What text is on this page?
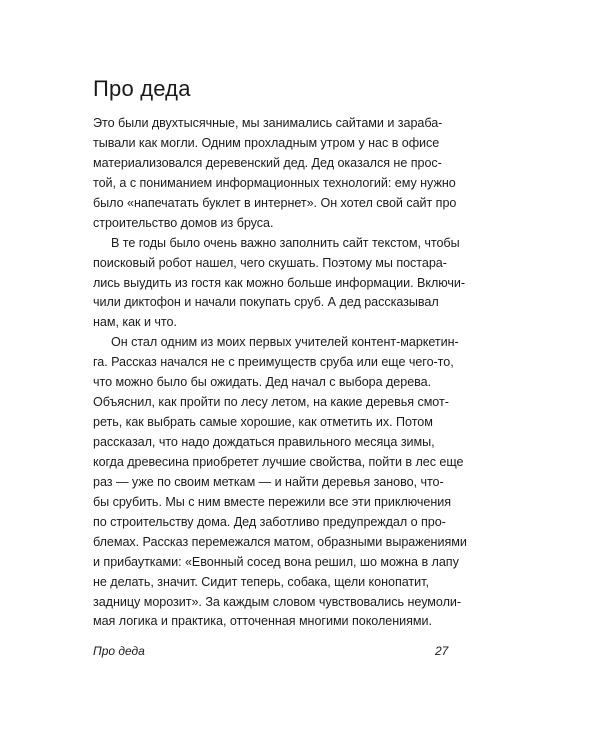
Про деда
Это были двухтысячные, мы занимались сайтами и зараба-
тывали как могли. Одним прохладным утром у нас в офисе
материализовался деревенский дед. Дед оказался не прос-
той, а с пониманием информационных технологий: ему нужно
было «напечатать буклет в интернет». Он хотел свой сайт про
строительство домов из бруса.
В те годы было очень важно заполнить сайт текстом, чтобы
поисковый робот нашел, чего скушать. Поэтому мы постара-
лись выудить из гостя как можно больше информации. Включи-
чили диктофон и начали покупать сруб. А дед рассказывал
нам, как и что.
Он стал одним из моих первых учителей контент-маркетин-
га. Рассказ начался не с преимуществ сруба или еще чего-то,
что можно было бы ожидать. Дед начал с выбора дерева.
Объяснил, как пройти по лесу летом, на какие деревья смот-
реть, как выбрать самые хорошие, как отметить их. Потом
рассказал, что надо дождаться правильного месяца зимы,
когда древесина приобретет лучшие свойства, пойти в лес еще
раз — уже по своим меткам — и найти деревья заново, что-
бы срубить. Мы с ним вместе пережили все эти приключения
по строительству дома. Дед заботливо предупреждал о про-
блемах. Рассказ перемежался матом, образными выражениями
и прибаутками: «Евонный сосед вона решил, шо можна в лапу
не делать, значит. Сидит теперь, собака, щели конопатит,
задницу морозит». За каждым словом чувствовались неумоли-
мая логика и практика, отточенная многими поколениями.
Про деда	27
